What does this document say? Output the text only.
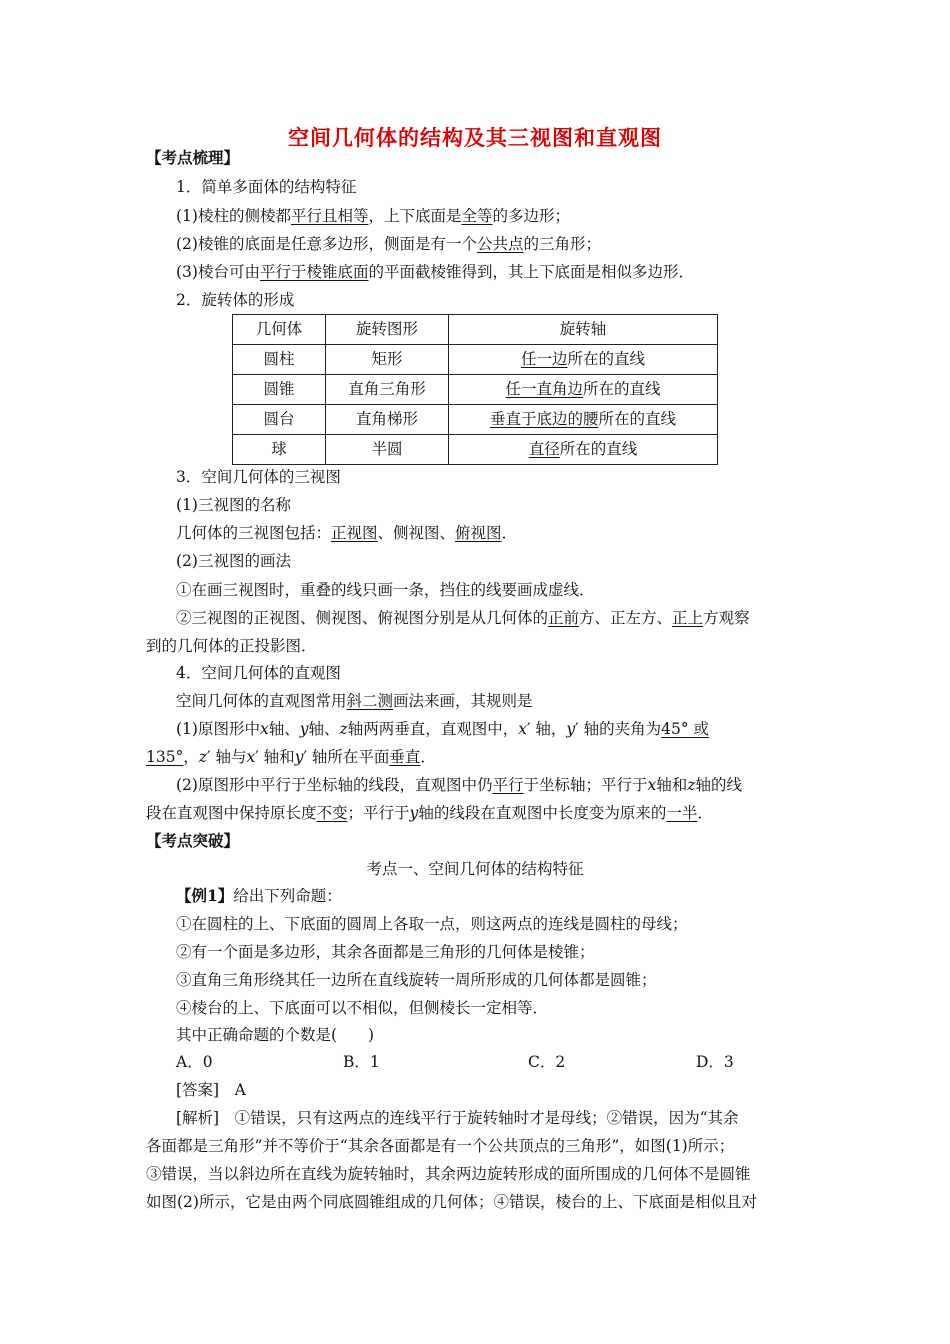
空间几何体的结构及其三视图和直观图
【考点梳理】
1．简单多面体的结构特征
(1)棱柱的侧棱都平行且相等，上下底面是全等的多边形；
(2)棱锥的底面是任意多边形，侧面是有一个公共点的三角形；
(3)棱台可由平行于棱锥底面的平面截棱锥得到，其上下底面是相似多边形．
2．旋转体的形成
几何体	旋转图形	旋转轴
圆柱	矩形	任一边所在的直线
圆锥	直角三角形	任一直角边所在的直线
圆台	直角梯形	垂直于底边的腰所在的直线
球	半圆	直径所在的直线
3．空间几何体的三视图
(1)三视图的名称
几何体的三视图包括：正视图、侧视图、俯视图．
(2)三视图的画法
①在画三视图时，重叠的线只画一条，挡住的线要画成虚线．
②三视图的正视图、侧视图、俯视图分别是从几何体的正前方、正左方、正上方观察
到的几何体的正投影图．
4．空间几何体的直观图
空间几何体的直观图常用斜二测画法来画，其规则是
(1)原图形中x轴、y轴、z轴两两垂直，直观图中，x′ 轴，y′ 轴的夹角为45° 或
135°，z′ 轴与x′ 轴和y′ 轴所在平面垂直．
(2)原图形中平行于坐标轴的线段，直观图中仍平行于坐标轴；平行于x轴和z轴的线
段在直观图中保持原长度不变；平行于y轴的线段在直观图中长度变为原来的一半．
【考点突破】
考点一、空间几何体的结构特征
【例1】给出下列命题：
①在圆柱的上、下底面的圆周上各取一点，则这两点的连线是圆柱的母线；
②有一个面是多边形，其余各面都是三角形的几何体是棱锥；
③直角三角形绕其任一边所在直线旋转一周所形成的几何体都是圆锥；
④棱台的上、下底面可以不相似，但侧棱长一定相等．
其中正确命题的个数是(　　)
A．0	B．1	C．2	D．3
[答案]　A
[解析]　①错误，只有这两点的连线平行于旋转轴时才是母线；②错误，因为“其余
各面都是三角形”并不等价于“其余各面都是有一个公共顶点的三角形”，如图(1)所示；
③错误，当以斜边所在直线为旋转轴时，其余两边旋转形成的面所围成的几何体不是圆锥
如图(2)所示，它是由两个同底圆锥组成的几何体；④错误，棱台的上、下底面是相似且对
